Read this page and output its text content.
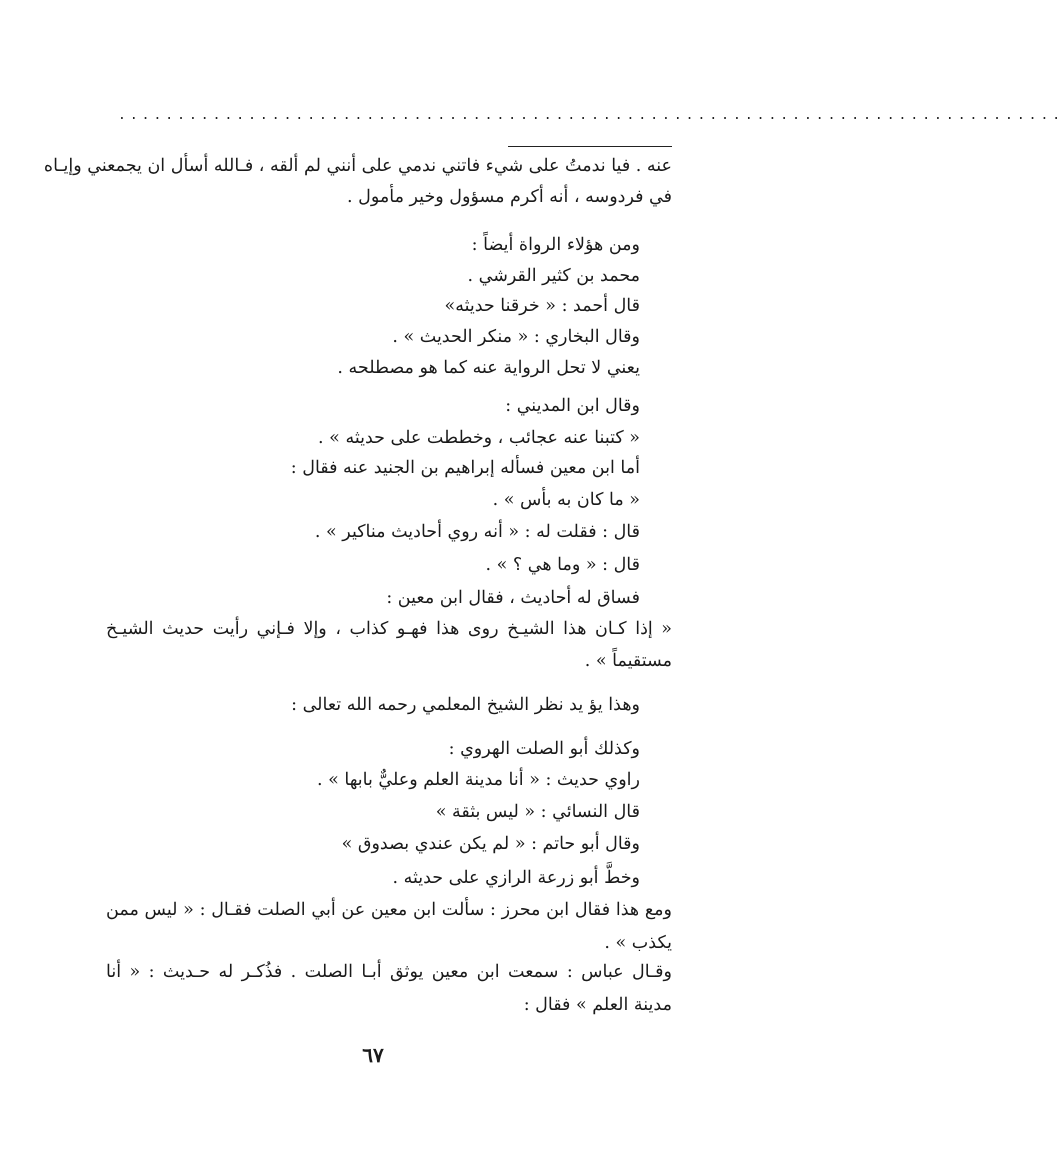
................................................................................
عنه . فيا ندمتُ على شيء فاتني ندمي على أنني لم ألقه ، فـالله أسأل ان يجمعني وإيـاه
في فردوسه ، أنه أكرم مسؤول وخير مأمول .
ومن هؤلاء الرواة أيضاً :
محمد بن كثير القرشي .
قال أحمد : « خرقنا حديثه»
وقال البخاري : « منكر الحديث » .
يعني لا تحل الرواية عنه كما هو مصطلحه .
وقال ابن المديني :
« كتبنا عنه عجائب ، وخططت على حديثه » .
أما ابن معين فسأله إبراهيم بن الجنيد عنه فقال :
« ما كان به بأس » .
قال : فقلت له : « أنه روي أحاديث مناكير » .
قال : « وما هي ؟ » .
فساق له أحاديث ، فقال ابن معين :
« إذا كـان هذا الشيـخ روى هذا فهـو كذاب ، وإلا فـإني رأيت حديث الشيـخ
مستقيماً » .
وهذا يؤ يد نظر الشيخ المعلمي رحمه الله تعالى :
وكذلك أبو الصلت الهروي :
راوي حديث : « أنا مدينة العلم وعليٌّ بابها » .
قال النسائي : « ليس بثقة »
وقال أبو حاتم : « لم يكن عندي بصدوق »
وخطَّ أبو زرعة الرازي على حديثه .
ومع هذا فقال ابن محرز : سألت ابن معين عن أبي الصلت فقـال : « ليس ممن
يكذب » .
وقـال عباس : سمعت ابن معين يوثق أبـا الصلت . فذُكـر له حـديث : « أنا
مدينة العلم » فقال :
٦٧
